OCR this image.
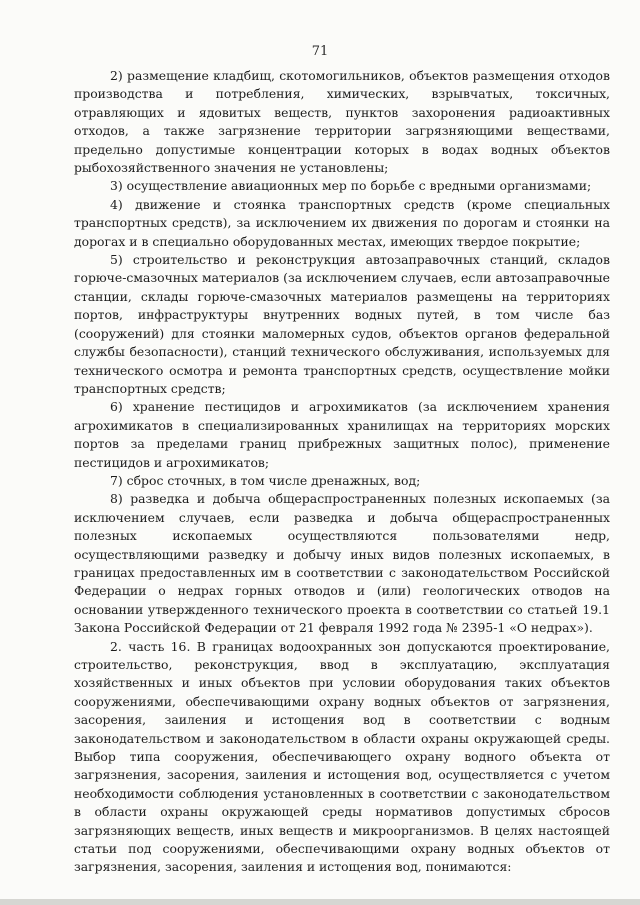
71

2) размещение кладбищ, скотомогильников, объектов размещения отходов производства и потребления, химических, взрывчатых, токсичных, отравляющих и ядовитых веществ, пунктов захоронения радиоактивных отходов, а также загрязнение территории загрязняющими веществами, предельно допустимые концентрации которых в водах водных объектов рыбохозяйственного значения не установлены;

3) осуществление авиационных мер по борьбе с вредными организмами;

4) движение и стоянка транспортных средств (кроме специальных транспортных средств), за исключением их движения по дорогам и стоянки на дорогах и в специально оборудованных местах, имеющих твердое покрытие;

5) строительство и реконструкция автозаправочных станций, складов горюче-смазочных материалов (за исключением случаев, если автозаправочные станции, склады горюче-смазочных материалов размещены на территориях портов, инфраструктуры внутренних водных путей, в том числе баз (сооружений) для стоянки маломерных судов, объектов органов федеральной службы безопасности), станций технического обслуживания, используемых для технического осмотра и ремонта транспортных средств, осуществление мойки транспортных средств;

6) хранение пестицидов и агрохимикатов (за исключением хранения агрохимикатов в специализированных хранилищах на территориях морских портов за пределами границ прибрежных защитных полос), применение пестицидов и агрохимикатов;

7) сброс сточных, в том числе дренажных, вод;

8) разведка и добыча общераспространенных полезных ископаемых (за исключением случаев, если разведка и добыча общераспространенных полезных ископаемых осуществляются пользователями недр, осуществляющими разведку и добычу иных видов полезных ископаемых, в границах предоставленных им в соответствии с законодательством Российской Федерации о недрах горных отводов и (или) геологических отводов на основании утвержденного технического проекта в соответствии со статьей 19.1 Закона Российской Федерации от 21 февраля 1992 года № 2395-1 «О недрах»).

2. часть 16. В границах водоохранных зон допускаются проектирование, строительство, реконструкция, ввод в эксплуатацию, эксплуатация хозяйственных и иных объектов при условии оборудования таких объектов сооружениями, обеспечивающими охрану водных объектов от загрязнения, засорения, заиления и истощения вод в соответствии с водным законодательством и законодательством в области охраны окружающей среды. Выбор типа сооружения, обеспечивающего охрану водного объекта от загрязнения, засорения, заиления и истощения вод, осуществляется с учетом необходимости соблюдения установленных в соответствии с законодательством в области охраны окружающей среды нормативов допустимых сбросов загрязняющих веществ, иных веществ и микроорганизмов. В целях настоящей статьи под сооружениями, обеспечивающими охрану водных объектов от загрязнения, засорения, заиления и истощения вод, понимаются:
